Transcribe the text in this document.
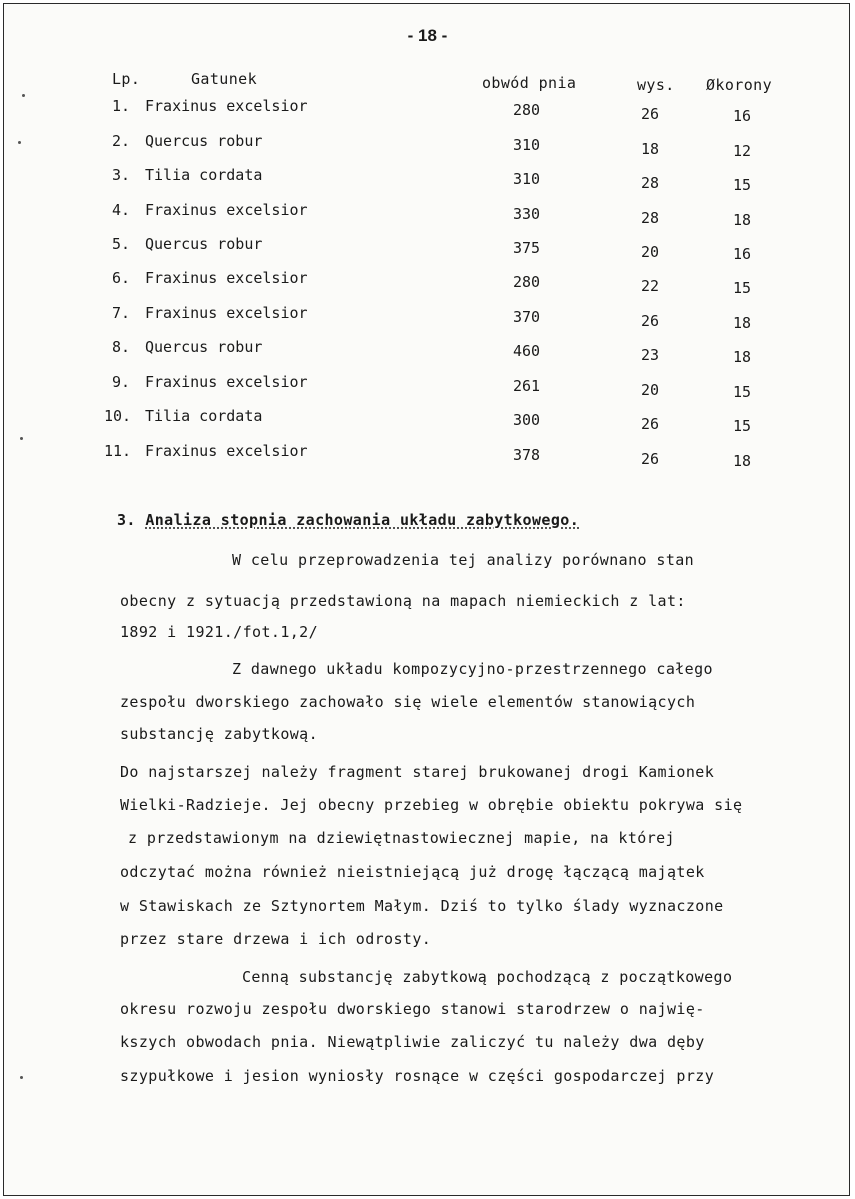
- 18 -
Lp.	Gatunek	obwód pnia	wys. Økorony
1. Fraxinus excelsior	280	26	16
2. Quercus robur	310	18	12
3. Tilia cordata	310	28	15
4. Fraxinus excelsior	330	28	18
5. Quercus robur	375	20	16
6. Fraxinus excelsior	280	22	15
7. Fraxinus excelsior	370	26	18
8. Quercus robur	460	23	18
9. Fraxinus excelsior	261	20	15
10. Tilia cordata	300	26	15
11. Fraxinus excelsior	378	26	18
3. Analiza stopnia zachowania układu zabytkowego.
W celu przeprowadzenia tej analizy porównano stan
obecny z sytuacją przedstawioną na mapach niemieckich z lat:
1892 i 1921./fot.1,2/
Z dawnego układu kompozycyjno-przestrzennego całego
zespołu dworskiego zachowało się wiele elementów stanowiących
substancję zabytkową.
Do najstarszej należy fragment starej brukowanej drogi Kamionek
Wielki-Radzieje. Jej obecny przebieg w obrębie obiektu pokrywa się
z przedstawionym na dziewiętnastowiecznej mapie, na której
odczytać można również nieistniejącą już drogę łączącą majątek
w Stawiskach ze Sztynortem Małym. Dziś to tylko ślady wyznaczone
przez stare drzewa i ich odrosty.
Cenną substancję zabytkową pochodzącą z początkowego
okresu rozwoju zespołu dworskiego stanowi starodrzew o najwię-
kszych obwodach pnia. Niewątpliwie zaliczyć tu należy dwa dęby
szypułkowe i jesion wyniosły rosnące w części gospodarczej przy
